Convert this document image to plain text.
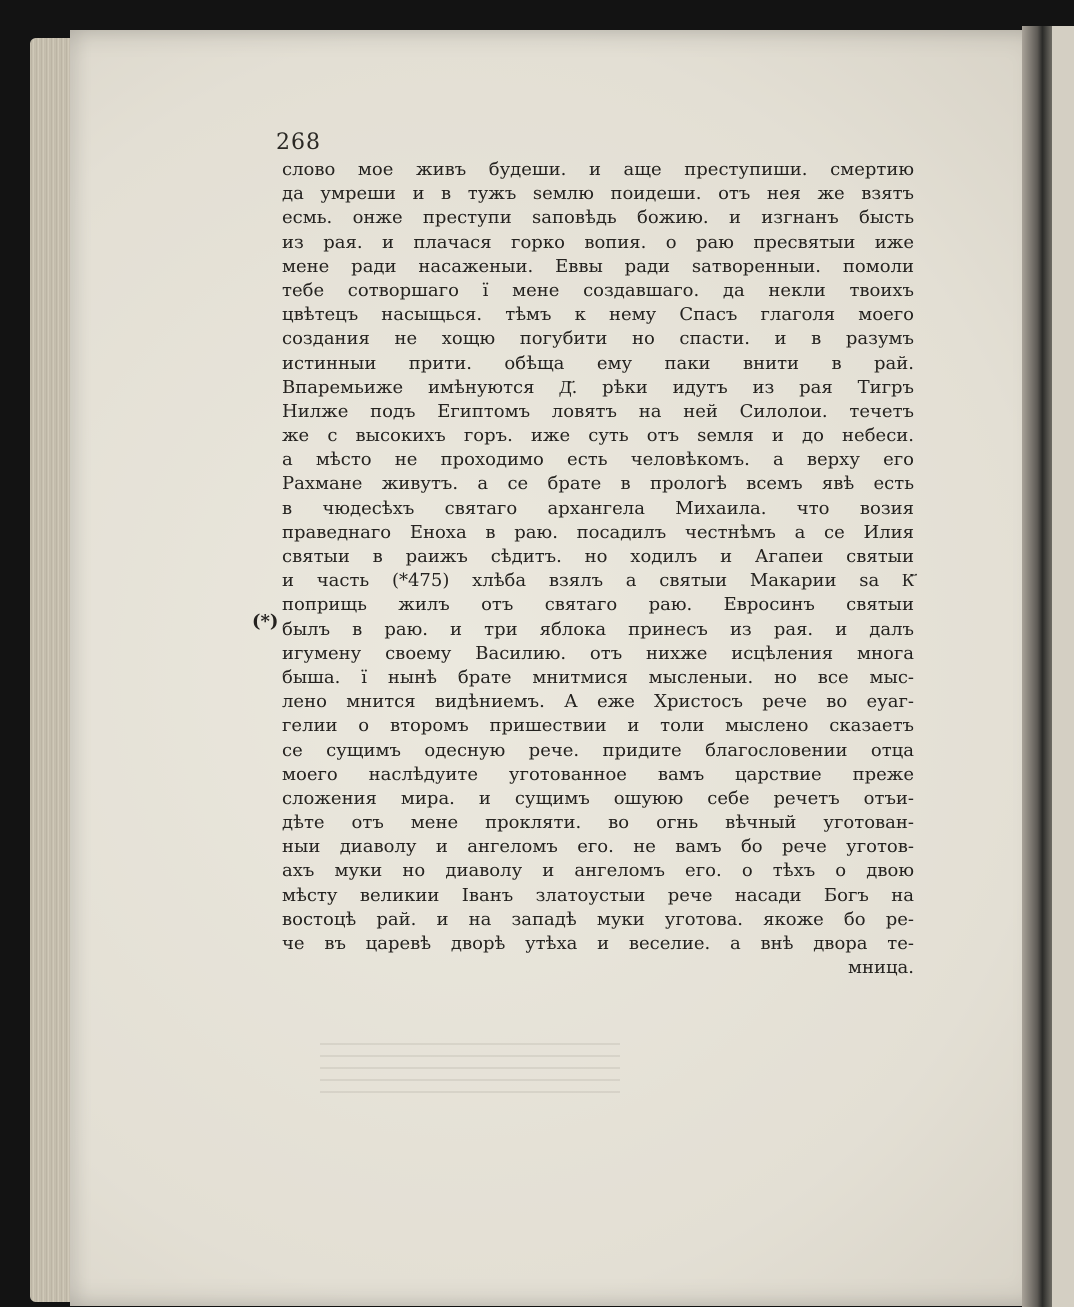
268
(*)
слово мое живъ будеши. и аще преступиши. смертию
да умреши и в тужъ ѕемлю поидеши. отъ нея же взятъ
есмь. онже преступи ѕаповѣдь божию. и изгнанъ бысть
из рая. и плачася горко вопия. о раю пресвятыи иже
мене ради насаженыи. Еввы ради ѕатворенныи. помоли
тебе сотворшаго ї мене создавшаго. да некли твоихъ
цвѣтецъ насыщься. тѣмъ к нему Спасъ глаголя моего
создания не хощю погубити но спасти. и в разумъ
истинныи прити. обѣща ему паки внити в рай.
Впаремьиже имѣнуются Д҃. рѣки идутъ из рая Тигръ
Нилже подъ Египтомъ ловятъ на ней Силолои. течетъ
же с высокихъ горъ. иже суть отъ ѕемля и до небеси.
а мѣсто не проходимо есть человѣкомъ. а верху его
Рахмане живутъ. а се брате в прологѣ всемъ явѣ есть
в чюдесѣхъ святаго архангела Михаила. что возия
праведнаго Еноха в раю. посадилъ честнѣмъ а се Илия
святыи в раижъ сѣдитъ. но ходилъ и Агапеи святыи
и часть (*475) хлѣба взялъ а святыи Макарии ѕа К҃
поприщь жилъ отъ святаго раю. Евросинъ святыи
былъ в раю. и три яблока принесъ из рая. и далъ
игумену своему Василию. отъ нихже исцѣления многа
быша. ї нынѣ брате мнитмися мысленыи. но все мыс-
лено мнится видѣниемъ. А еже Христосъ рече во еуаг-
гелии о второмъ пришествии и толи мыслено сказаетъ
се сущимъ одесную рече. придите благословении отца
моего наслѣдуите уготованное вамъ царствие преже
сложения мира. и сущимъ ошуюю себе речетъ отъи-
дѣте отъ мене прокляти. во огнь вѣчный уготован-
ныи диаволу и ангеломъ его. не вамъ бо рече уготов-
ахъ муки но диаволу и ангеломъ его. о тѣхъ о двою
мѣсту великии Іванъ златоустыи рече насади Богъ на
востоцѣ рай. и на западѣ муки уготова. якоже бо ре-
че въ царевѣ дворѣ утѣха и веселие. а внѣ двора те-
мница.
